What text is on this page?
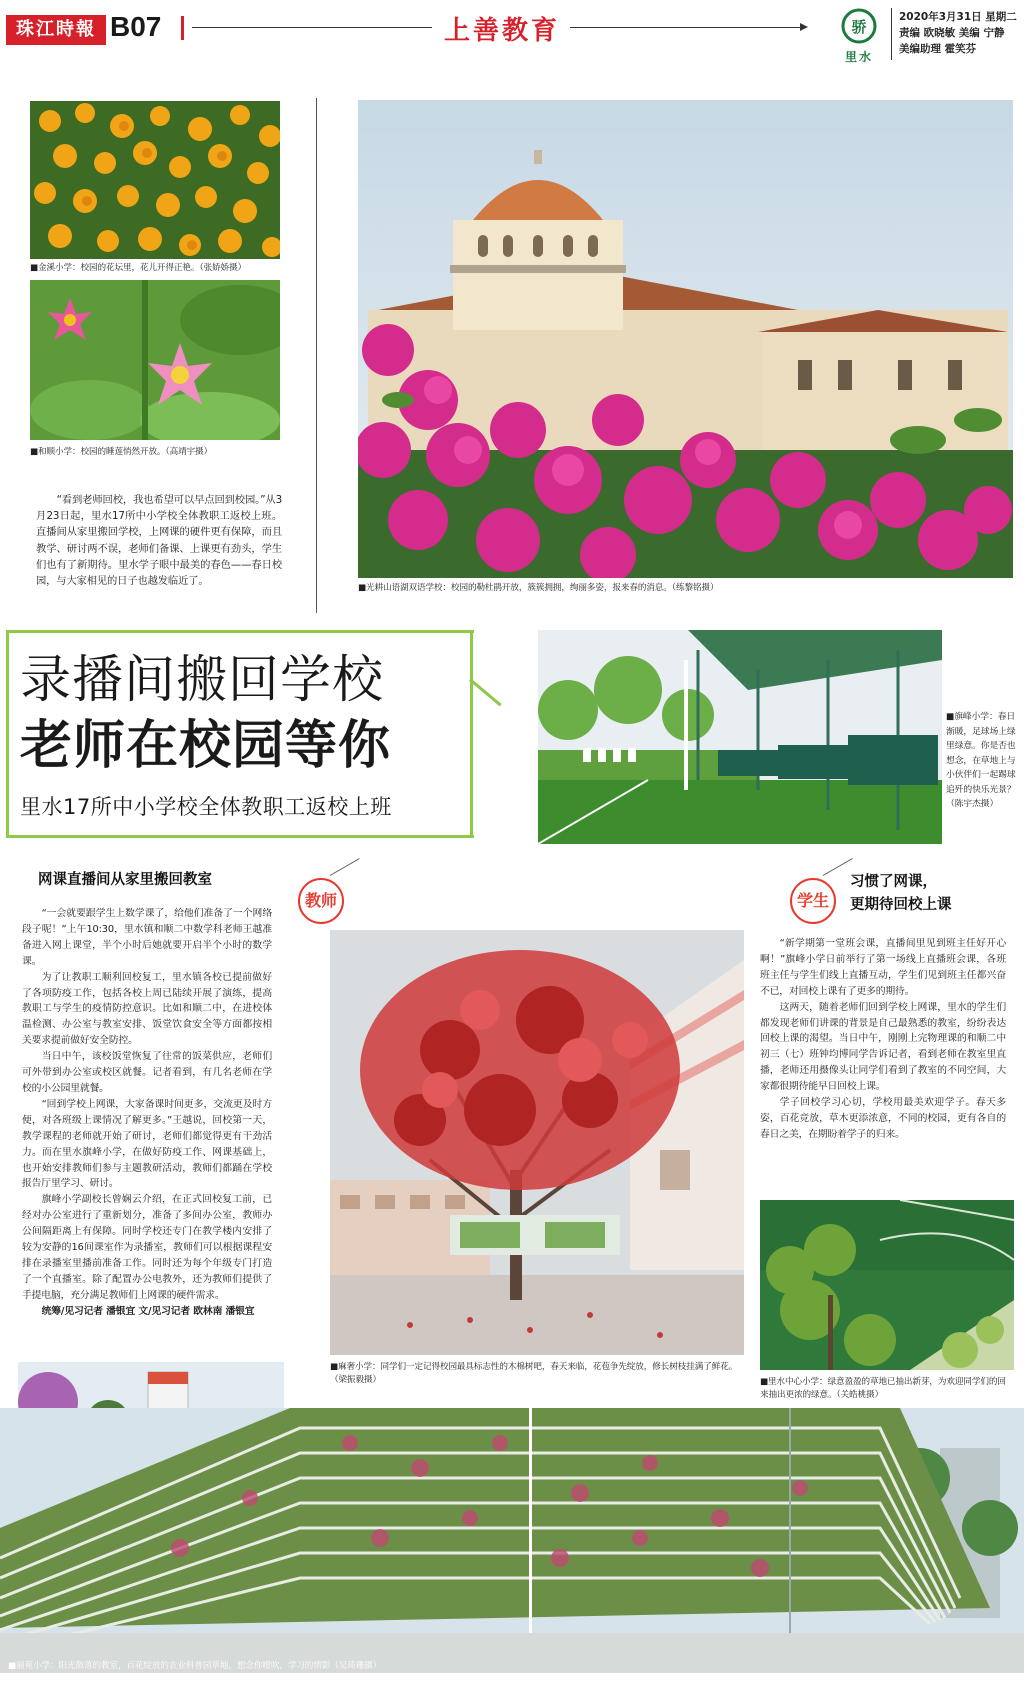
珠江時報 B07	上善教育	骄
里水
2020年3月31日 星期二
责编 欧晓敏 美编 宁静
美编助理 霍笑芬
■金溪小学：校园的花坛里，花儿开得正艳。（张娇娇摄）
■和顺小学：校园的睡莲悄然开放。（高靖宇摄）

“看到老师回校，我也希望可以早点回到校园。”从3月23日起，里水17所中小学校全体教职工返校上班。直播间从家里搬回学校，上网课的硬件更有保障，而且教学、研讨两不误，老师们备课、上课更有劲头，学生们也有了新期待。里水学子眼中最美的春色——春日校园，与大家相见的日子也越发临近了。

■光耕山语湖双语学校：校园的勒杜鹃开放，簇簇拥拥，绚丽多姿，报来春的消息。（练黎铭摄）
录播间搬回学校
老师在校园等你
里水17所中小学校全体教职工返校上班
■旗峰小学：春日渐暖，足球场上绿里绿意。你是否也想念，在草地上与小伙伴们一起踢球追歼的快乐光景？（陈宇杰摄）
教师	学生
网课直播间从家里搬回教室

“一会就要跟学生上数学课了，给他们准备了一个网络段子呢！”上午10:30，里水镇和顺二中数学科老师王越准备进入网上课堂，半个小时后她就要开启半个小时的数学课。

为了让教职工顺利回校复工，里水镇各校已提前做好了各项防疫工作，包括各校上周已陆续开展了演练，提高教职工与学生的疫情防控意识。比如和顺二中，在进校体温检测、办公室与教室安排、饭堂饮食安全等方面都按相关要求提前做好安全防控。

当日中午，该校饭堂恢复了往常的饭菜供应，老师们可外带到办公室或校区就餐。记者看到，有几名老师在学校的小公园里就餐。

“回到学校上网课，大家备课时间更多，交流更及时方便，对各班级上课情况了解更多。”王越说，回校第一天，教学课程的老师就开始了研讨，老师们都觉得更有干劲活力。而在里水旗峰小学，在做好防疫工作、网课基础上，也开始安排教师们参与主题教研活动，教师们都踊在学校报告厅里学习、研讨。

旗峰小学副校长曾娴云介绍，在正式回校复工前，已经对办公室进行了重新划分，准备了多间办公室，教师办公间隔距离上有保障。同时学校还专门在教学楼内安排了较为安静的16间课室作为录播室，教师们可以根据课程安排在录播室里播前准备工作。同时还为每个年级专门打造了一个直播室。除了配置办公电教外，还为教师们提供了手提电脑，充分满足教师们上网课的硬件需求。

统筹/见习记者 潘银宜 文/见习记者 欧林南 潘银宜

■麻奢小学：同学们一定记得校园最具标志性的木棉树吧，春天来临，花苞争先绽放，修长树枝挂满了鲜花。（梁振毅摄）
习惯了网课，
更期待回校上课

“新学期第一堂班会课，直播间里见到班主任好开心啊！”旗峰小学日前举行了第一场线上直播班会课，各班班主任与学生们线上直播互动，学生们见到班主任都兴奋不已，对回校上课有了更多的期待。

这两天，随着老师们回到学校上网课，里水的学生们都发现老师们讲课的背景是自己最熟悉的教室，纷纷表达回校上课的渴望。当日中午，刚刚上完物理课的和顺二中初三（七）班钟均博同学告诉记者，看到老师在教室里直播，老师还用摄像头让同学们看到了教室的不同空间，大家都很期待能早日回校上课。

学子回校学习心切，学校用最美欢迎学子。春天多姿，百花竞放，草木更添浓意，不同的校园，更有各自的春日之美，在期盼着学子的归来。

■里水中心小学：绿意盈盈的草地已抽出新芽，为欢迎同学们的回来抽出更浓的绿意。（关皓桃摄）
■丽苑小学：阳光散落的教室，百花绽放的农业科普园草地，想念你嗳吹，学习的情影（吴琦珊摄）
